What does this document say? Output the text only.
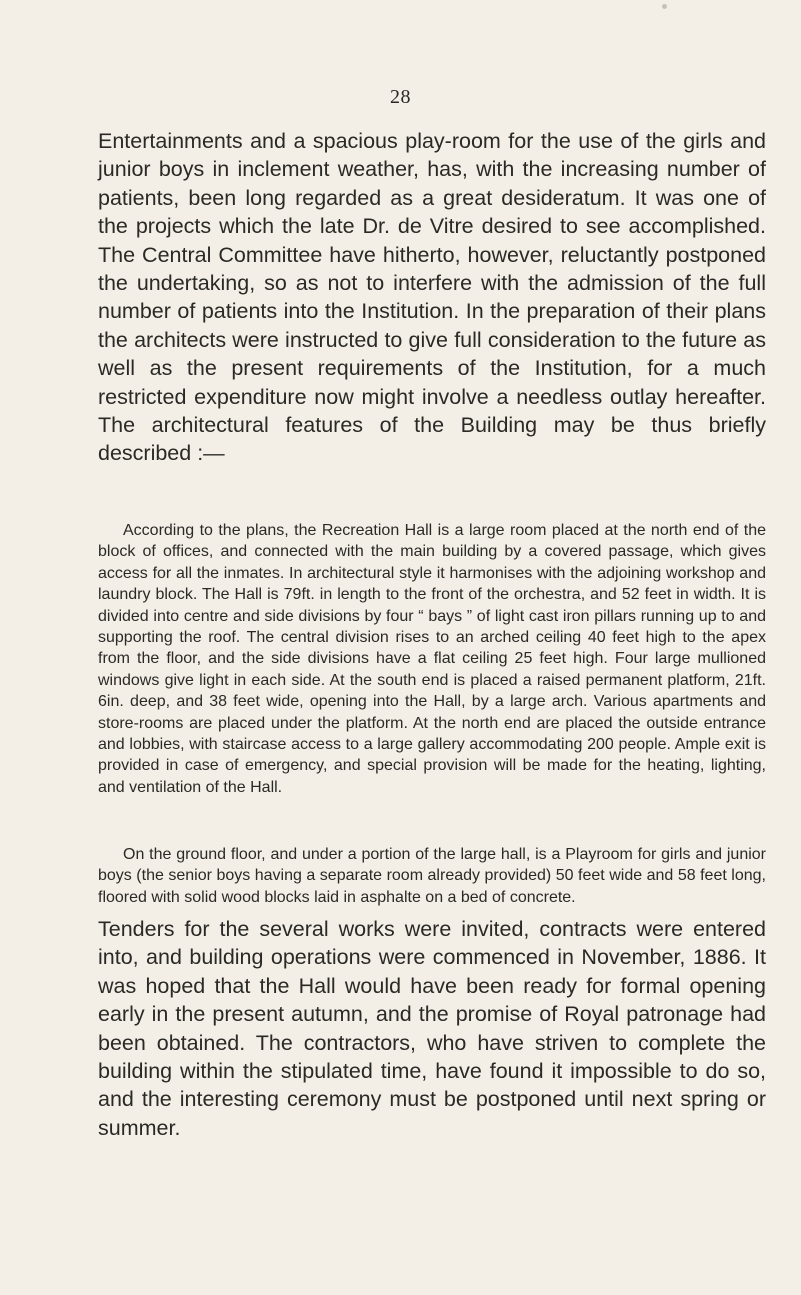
28

Entertainments and a spacious play-room for the use of the girls and junior boys in inclement weather, has, with the increasing number of patients, been long regarded as a great desideratum. It was one of the projects which the late Dr. de Vitre desired to see accomplished. The Central Committee have hitherto, however, reluctantly postponed the undertaking, so as not to interfere with the admission of the full number of patients into the Institution. In the preparation of their plans the architects were instructed to give full consideration to the future as well as the present requirements of the Institution, for a much restricted expenditure now might involve a needless outlay hereafter. The architectural features of the Building may be thus briefly described :—

According to the plans, the Recreation Hall is a large room placed at the north end of the block of offices, and connected with the main building by a covered passage, which gives access for all the inmates. In architectural style it harmonises with the adjoining workshop and laundry block. The Hall is 79ft. in length to the front of the orchestra, and 52 feet in width. It is divided into centre and side divisions by four “ bays ” of light cast iron pillars running up to and supporting the roof. The central division rises to an arched ceiling 40 feet high to the apex from the floor, and the side divisions have a flat ceiling 25 feet high. Four large mullioned windows give light in each side. At the south end is placed a raised permanent platform, 21ft. 6in. deep, and 38 feet wide, opening into the Hall, by a large arch. Various apartments and store-rooms are placed under the platform. At the north end are placed the outside entrance and lobbies, with staircase access to a large gallery accommodating 200 people. Ample exit is provided in case of emergency, and special provision will be made for the heating, lighting, and ventilation of the Hall.

On the ground floor, and under a portion of the large hall, is a Playroom for girls and junior boys (the senior boys having a separate room already provided) 50 feet wide and 58 feet long, floored with solid wood blocks laid in asphalte on a bed of concrete.

Tenders for the several works were invited, contracts were entered into, and building operations were commenced in November, 1886. It was hoped that the Hall would have been ready for formal opening early in the present autumn, and the promise of Royal patronage had been obtained. The contractors, who have striven to complete the building within the stipulated time, have found it impossible to do so, and the interesting ceremony must be postponed until next spring or summer.
